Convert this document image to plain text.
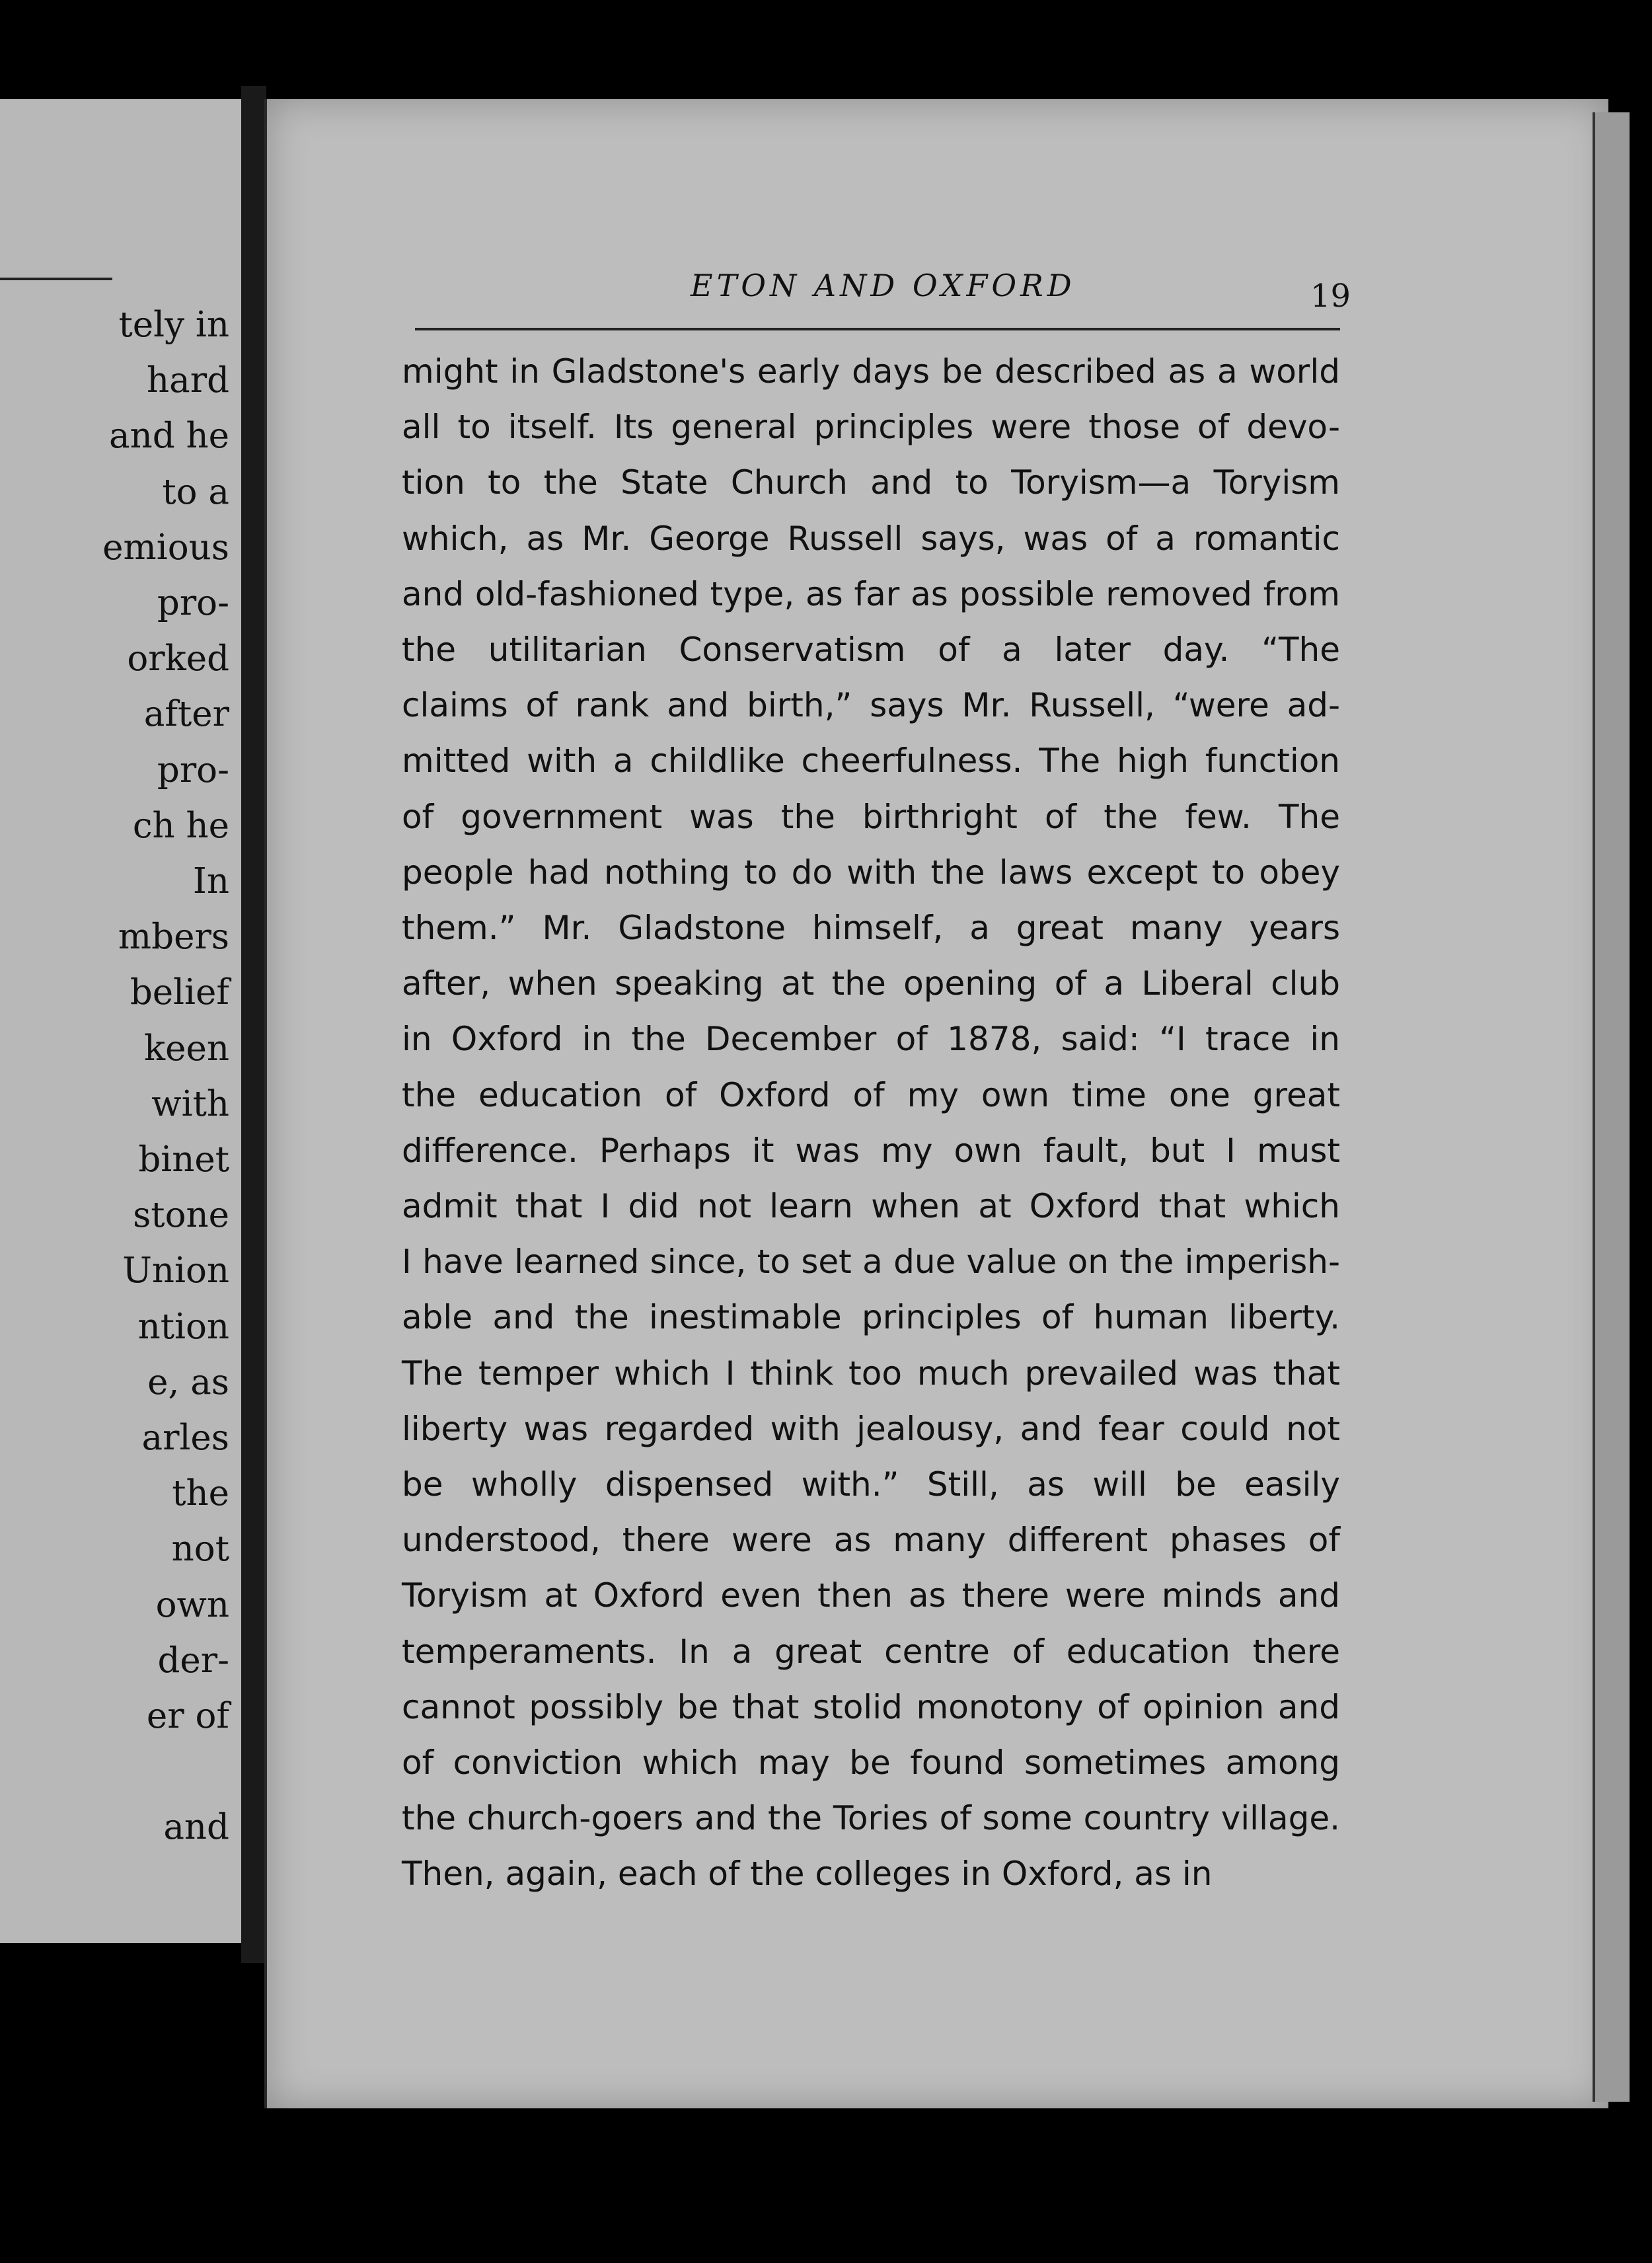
tely in
hard
and he
to a
emious
pro-
orked
after
pro-
ch he
In
mbers
belief
keen
with
binet
stone
Union
ntion
e, as
arles
the
not
own
der-
er of

and
ETON AND OXFORD	19
might in Gladstone's early days be described as a world
all to itself. Its general principles were those of devo-
tion to the State Church and to Toryism—a Toryism
which, as Mr. George Russell says, was of a romantic
and old-fashioned type, as far as possible removed from
the utilitarian Conservatism of a later day. “The
claims of rank and birth,” says Mr. Russell, “were ad-
mitted with a childlike cheerfulness. The high function
of government was the birthright of the few. The
people had nothing to do with the laws except to obey
them.” Mr. Gladstone himself, a great many years
after, when speaking at the opening of a Liberal club
in Oxford in the December of 1878, said: “I trace in
the education of Oxford of my own time one great
difference. Perhaps it was my own fault, but I must
admit that I did not learn when at Oxford that which
I have learned since, to set a due value on the imperish-
able and the inestimable principles of human liberty.
The temper which I think too much prevailed was that
liberty was regarded with jealousy, and fear could not
be wholly dispensed with.” Still, as will be easily
understood, there were as many different phases of
Toryism at Oxford even then as there were minds and
temperaments. In a great centre of education there
cannot possibly be that stolid monotony of opinion and
of conviction which may be found sometimes among
the church-goers and the Tories of some country village.
Then, again, each of the colleges in Oxford, as in
